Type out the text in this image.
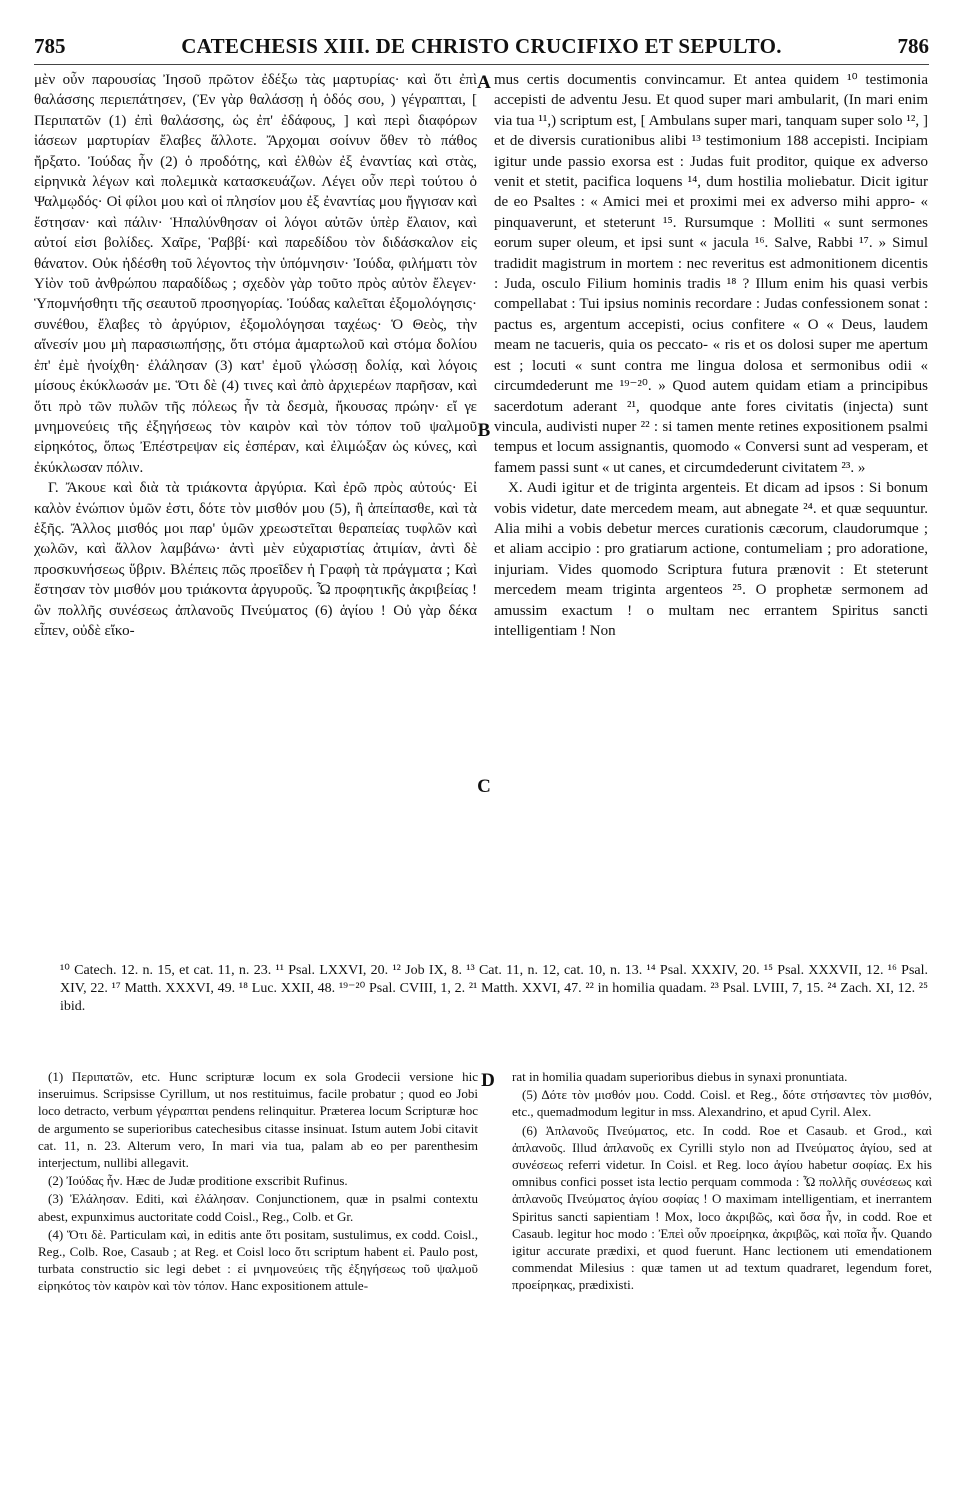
785	CATECHESIS XIII. DE CHRISTO CRUCIFIXO ET SEPULTO.	786

μὲν οὖν παρουσίας Ἰησοῦ πρῶτον ἐδέξω τὰς μαρτυρίας· καὶ ὅτι ἐπὶ θαλάσσης περιεπάτησεν, (Ἐν γὰρ θαλάσσῃ ἡ ὁδός σου, ) γέγραπται, [ Περιπατῶν (1) ἐπὶ θαλάσσης, ὡς ἐπ' ἐδάφους, ] καὶ περὶ διαφόρων ἰάσεων μαρτυρίαν ἔλαβες ἄλλοτε. Ἄρχομαι σοίνυν ὅθεν τὸ πάθος ἤρξατο. Ἰούδας ἦν (2) ὁ προδότης, καὶ ἐλθὼν ἐξ ἐναντίας καὶ στὰς, εἰρηνικὰ λέγων καὶ πολεμικὰ κατασκευάζων. Λέγει οὖν περὶ τούτου ὁ Ψαλμῳδός· Οἱ φίλοι μου καὶ οἱ πλησίον μου ἐξ ἐναντίας μου ἤγγισαν καὶ ἔστησαν· καὶ πάλιν· Ἡπαλύνθησαν οἱ λόγοι αὐτῶν ὑπὲρ ἔλαιον, καὶ αὐτοί εἰσι βολίδες. Χαῖρε, Ῥαββί· καὶ παρεδίδου τὸν διδάσκαλον εἰς θάνατον. Οὐκ ἠδέσθη τοῦ λέγοντος τὴν ὑπόμνησιν· Ἰούδα, φιλήματι τὸν Υἱὸν τοῦ ἀνθρώπου παραδίδως ; σχεδὸν γὰρ τοῦτο πρὸς αὐτὸν ἔλεγεν· Ὑπομνήσθητι τῆς σεαυτοῦ προσηγορίας. Ἰούδας καλεῖται ἐξομολόγησις· συνέθου, ἔλαβες τὸ ἀργύριον, ἐξομολόγησαι ταχέως· Ὁ Θεὸς, τὴν αἴνεσίν μου μὴ παρασιωπήσῃς, ὅτι στόμα ἁμαρτωλοῦ καὶ στόμα δολίου ἐπ' ἐμὲ ἠνοίχθη· ἐλάλησαν (3) κατ' ἐμοῦ γλώσσῃ δολίᾳ, καὶ λόγοις μίσους ἐκύκλωσάν με. Ὅτι δὲ (4) τινες καὶ ἀπὸ ἀρχιερέων παρῆσαν, καὶ ὅτι πρὸ τῶν πυλῶν τῆς πόλεως ἦν τὰ δεσμὰ, ἤκουσας πρώην· εἴ γε μνημονεύεις τῆς ἐξηγήσεως τὸν καιρὸν καὶ τὸν τόπον τοῦ ψαλμοῦ εἰρηκότος, ὅπως Ἐπέστρεψαν εἰς ἑσπέραν, καὶ ἐλιμώξαν ὡς κύνες, καὶ ἐκύκλωσαν πόλιν.

Γ. Ἄκουε καὶ διὰ τὰ τριάκοντα ἀργύρια. Καὶ ἐρῶ πρὸς αὐτούς· Εἰ καλὸν ἐνώπιον ὑμῶν ἐστι, δότε τὸν μισθόν μου (5), ἢ ἀπείπασθε, καὶ τὰ ἑξῆς. Ἄλλος μισθός μοι παρ' ὑμῶν χρεωστεῖται θεραπείας τυφλῶν καὶ χωλῶν, καὶ ἄλλον λαμβάνω· ἀντὶ μὲν εὐχαριστίας ἀτιμίαν, ἀντὶ δὲ προσκυνήσεως ὕβριν. Βλέπεις πῶς προεῖδεν ἡ Γραφὴ τὰ πράγματα ; Καὶ ἔστησαν τὸν μισθόν μου τριάκοντα ἀργυροῦς. Ὦ προφητικῆς ἀκριβείας ! ὢν πολλῆς συνέσεως ἀπλανοῦς Πνεύματος (6) ἁγίου ! Οὐ γὰρ δέκα εἶπεν, οὐδὲ εἴκο-

A
B
C
D

mus certis documentis convincamur. Et antea quidem ¹⁰ testimonia accepisti de adventu Jesu. Et quod super mari ambularit, (In mari enim via tua ¹¹,) scriptum est, [ Ambulans super mari, tanquam super solo ¹², ] et de diversis curationibus alibi ¹³ testimonium 188 accepisti. Incipiam igitur unde passio exorsa est : Judas fuit proditor, quique ex adverso venit et stetit, pacifica loquens ¹⁴, dum hostilia moliebatur. Dicit igitur de eo Psaltes : « Amici mei et proximi mei ex adverso mihi appro- « pinquaverunt, et steterunt ¹⁵. Rursumque : Molliti « sunt sermones eorum super oleum, et ipsi sunt « jacula ¹⁶. Salve, Rabbi ¹⁷. » Simul tradidit magistrum in mortem : nec reveritus est admonitionem dicentis : Juda, osculo Filium hominis tradis ¹⁸ ? Illum enim his quasi verbis compellabat : Tui ipsius nominis recordare : Judas confessionem sonat : pactus es, argentum accepisti, ocius confitere « O « Deus, laudem meam ne tacueris, quia os peccato- « ris et os dolosi super me apertum est ; locuti « sunt contra me lingua dolosa et sermonibus odii « circumdederunt me ¹⁹⁻²⁰. » Quod autem quidam etiam a principibus sacerdotum aderant ²¹, quodque ante fores civitatis (injecta) sunt vincula, audivisti nuper ²² : si tamen mente retines expositionem psalmi tempus et locum assignantis, quomodo « Conversi sunt ad vesperam, et famem passi sunt « ut canes, et circumdederunt civitatem ²³. »

X. Audi igitur et de triginta argenteis. Et dicam ad ipsos : Si bonum vobis videtur, date mercedem meam, aut abnegate ²⁴. et quæ sequuntur. Alia mihi a vobis debetur merces curationis cæcorum, claudorumque ; et aliam accipio : pro gratiarum actione, contumeliam ; pro adoratione, injuriam. Vides quomodo Scriptura futura prænovit : Et steterunt mercedem meam triginta argenteos ²⁵. O prophetæ sermonem ad amussim exactum ! o multam nec errantem Spiritus sancti intelligentiam ! Non

¹⁰ Catech. 12. n. 15, et cat. 11, n. 23. ¹¹ Psal. LXXVI, 20. ¹² Job IX, 8. ¹³ Cat. 11, n. 12, cat. 10, n. 13. ¹⁴ Psal. XXXIV, 20. ¹⁵ Psal. XXXVII, 12. ¹⁶ Psal. XIV, 22. ¹⁷ Matth. XXXVI, 49. ¹⁸ Luc. XXII, 48. ¹⁹⁻²⁰ Psal. CVIII, 1, 2. ²¹ Matth. XXVI, 47. ²² in homilia quadam. ²³ Psal. LVIII, 7, 15. ²⁴ Zach. XI, 12. ²⁵ ibid.

(1) Περιπατῶν, etc. Hunc scripturæ locum ex sola Grodecii versione hic inseruimus. Scripsisse Cyrillum, ut nos restituimus, facile probatur ; quod eo Jobi loco detracto, verbum γέγραπται pendens relinquitur. Præterea locum Scripturæ hoc de argumento se superioribus catechesibus citasse insinuat. Istum autem Jobi citavit cat. 11, n. 23. Alterum vero, In mari via tua, palam ab eo per parenthesim interjectum, nullibi allegavit.

(2) Ἰούδας ἦν. Hæc de Judæ proditione exscribit Rufinus.

(3) Ἐλάλησαν. Editi, καὶ ἐλάλησαν. Conjunctionem, quæ in psalmi contextu abest, expunximus auctoritate codd Coisl., Reg., Colb. et Gr.

(4) Ὅτι δὲ. Particulam καὶ, in editis ante ὅτι positam, sustulimus, ex codd. Coisl., Reg., Colb. Roe, Casaub ; at Reg. et Coisl loco ὅτι scriptum habent εἰ. Paulo post, turbata constructio sic legi debet : εἰ μνημονεύεις τῆς ἐξηγήσεως τοῦ ψαλμοῦ εἰρηκότος τὸν καιρὸν καὶ τὸν τόπον. Hanc expositionem attule-

rat in homilia quadam superioribus diebus in synaxi pronuntiata.

(5) Δότε τὸν μισθόν μου. Codd. Coisl. et Reg., δότε στήσαντες τὸν μισθόν, etc., quemadmodum legitur in mss. Alexandrino, et apud Cyril. Alex.

(6) Ἀπλανοῦς Πνεύματος, etc. In codd. Roe et Casaub. et Grod., καὶ ἀπλανοῦς. Illud ἀπλανοῦς ex Cyrilli stylo non ad Πνεύματος ἁγίου, sed at συνέσεως referri videtur. In Coisl. et Reg. loco ἁγίου habetur σοφίας. Ex his omnibus confici posset ista lectio perquam commoda : Ὦ πολλῆς συνέσεως καὶ ἀπλανοῦς Πνεύματος ἁγίου σοφίας ! O maximam intelligentiam, et inerrantem Spiritus sancti sapientiam ! Mox, loco ἀκριβῶς, καὶ ὅσα ἦν, in codd. Roe et Casaub. legitur hoc modo : Ἐπεὶ οὖν προείρηκα, ἀκριβῶς, καὶ ποῖα ἦν. Quando igitur accurate prædixi, et quod fuerunt. Hanc lectionem uti emendationem commendat Milesius : quæ tamen ut ad textum quadraret, legendum foret, προείρηκας, prædixisti.
